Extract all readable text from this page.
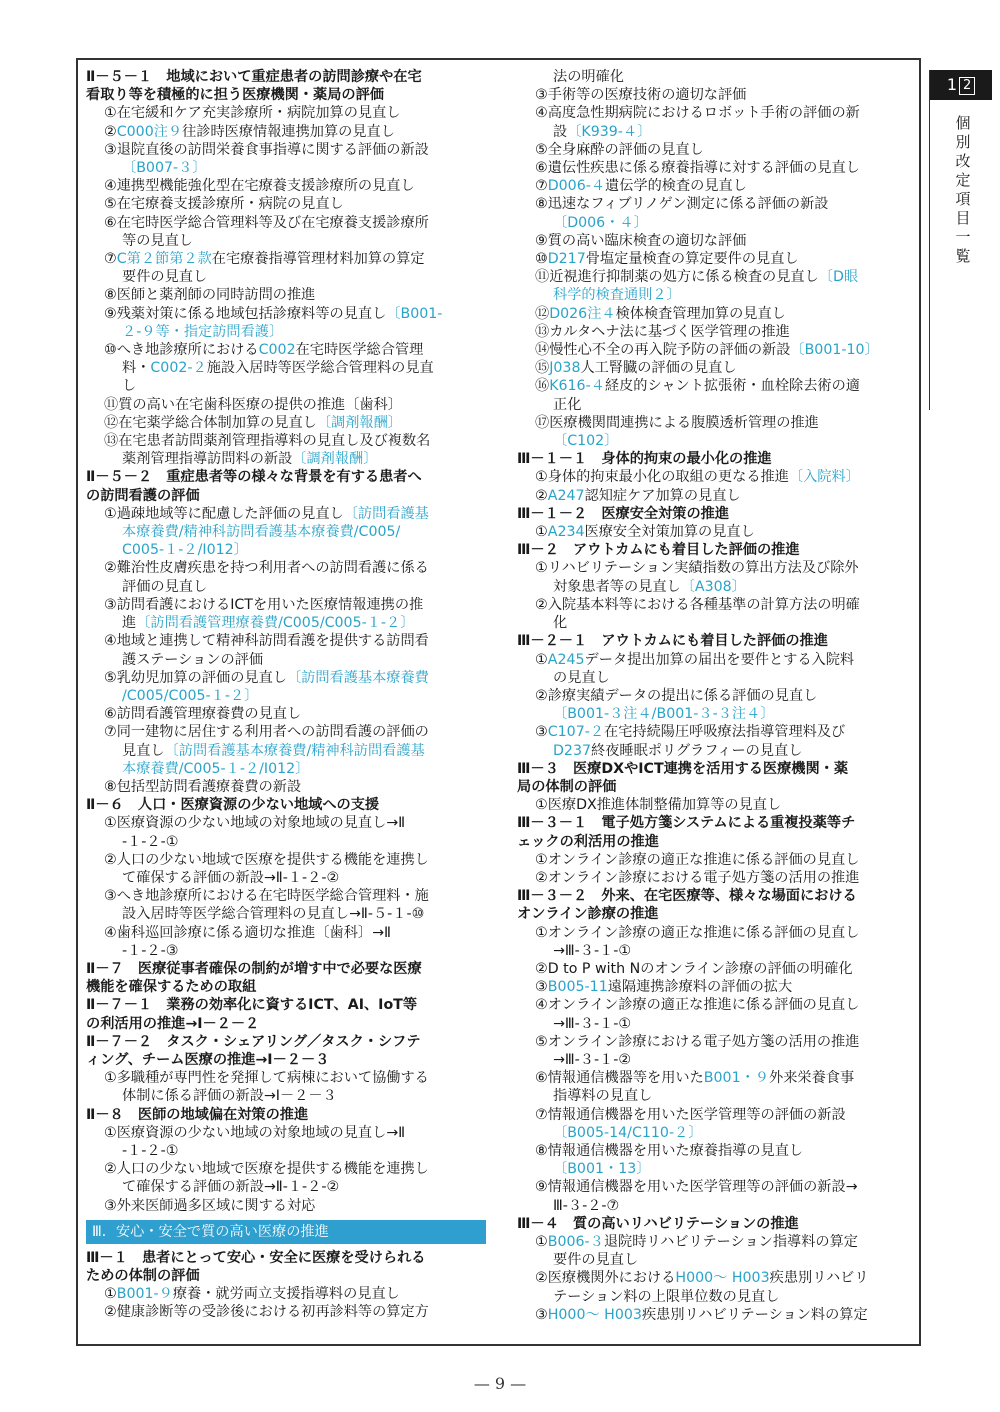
Ⅱ－５－１　地域において重症患者の訪問診療や在宅
看取り等を積極的に担う医療機関・薬局の評価
①在宅緩和ケア充実診療所・病院加算の見直し
②C000注９往診時医療情報連携加算の見直し
③退院直後の訪問栄養食事指導に関する評価の新設
〔B007-３〕
④連携型機能強化型在宅療養支援診療所の見直し
⑤在宅療養支援診療所・病院の見直し
⑥在宅時医学総合管理料等及び在宅療養支援診療所
等の見直し
⑦C第２節第２款在宅療養指導管理材料加算の算定
要件の見直し
⑧医師と薬剤師の同時訪問の推進
⑨残薬対策に係る地域包括診療料等の見直し〔B001-
２-９等・指定訪問看護〕
⑩へき地診療所におけるC002在宅時医学総合管理
料・C002-２施設入居時等医学総合管理料の見直
し
⑪質の高い在宅歯科医療の提供の推進〔歯科〕
⑫在宅薬学総合体制加算の見直し〔調剤報酬〕
⑬在宅患者訪問薬剤管理指導料の見直し及び複数名
薬剤管理指導訪問料の新設〔調剤報酬〕
Ⅱ－５－２　重症患者等の様々な背景を有する患者へ
の訪問看護の評価
①過疎地域等に配慮した評価の見直し〔訪問看護基
本療養費/精神科訪問看護基本療養費/C005/
C005-１-２/I012〕
②難治性皮膚疾患を持つ利用者への訪問看護に係る
評価の見直し
③訪問看護におけるICTを用いた医療情報連携の推
進〔訪問看護管理療養費/C005/C005-１-２〕
④地域と連携して精神科訪問看護を提供する訪問看
護ステーションの評価
⑤乳幼児加算の評価の見直し〔訪問看護基本療養費
/C005/C005-１-２〕
⑥訪問看護管理療養費の見直し
⑦同一建物に居住する利用者への訪問看護の評価の
見直し〔訪問看護基本療養費/精神科訪問看護基
本療養費/C005-１-２/I012〕
⑧包括型訪問看護療養費の新設
Ⅱ－６　人口・医療資源の少ない地域への支援
①医療資源の少ない地域の対象地域の見直し→Ⅱ
-１-２-①
②人口の少ない地域で医療を提供する機能を連携し
て確保する評価の新設→Ⅱ-１-２-②
③へき地診療所における在宅時医学総合管理料・施
設入居時等医学総合管理料の見直し→Ⅱ-５-１-⑩
④歯科巡回診療に係る適切な推進〔歯科〕→Ⅱ
-１-２-③
Ⅱ－７　医療従事者確保の制約が増す中で必要な医療
機能を確保するための取組
Ⅱ－７－１　業務の効率化に資するICT、AI、IoT等
の利活用の推進→Ⅰ－２－２
Ⅱ－７－２　タスク・シェアリング／タスク・シフテ
ィング、チーム医療の推進→Ⅰ－２－３
①多職種が専門性を発揮して病棟において協働する
体制に係る評価の新設→Ⅰ－２－３
Ⅱ－８　医師の地域偏在対策の推進
①医療資源の少ない地域の対象地域の見直し→Ⅱ
-１-２-①
②人口の少ない地域で医療を提供する機能を連携し
て確保する評価の新設→Ⅱ-１-２-②
③外来医師過多区域に関する対応
Ⅲ．安心・安全で質の高い医療の推進
Ⅲ－１　患者にとって安心・安全に医療を受けられる
ための体制の評価
①B001-９療養・就労両立支援指導料の見直し
②健康診断等の受診後における初再診料等の算定方
法の明確化
③手術等の医療技術の適切な評価
④高度急性期病院におけるロボット手術の評価の新
設〔K939-４〕
⑤全身麻酔の評価の見直し
⑥遺伝性疾患に係る療養指導に対する評価の見直し
⑦D006-４遺伝学的検査の見直し
⑧迅速なフィブリノゲン測定に係る評価の新設
〔D006・４〕
⑨質の高い臨床検査の適切な評価
⑩D217骨塩定量検査の算定要件の見直し
⑪近視進行抑制薬の処方に係る検査の見直し〔D眼
科学的検査通則２〕
⑫D026注４検体検査管理加算の見直し
⑬カルタヘナ法に基づく医学管理の推進
⑭慢性心不全の再入院予防の評価の新設〔B001-10〕
⑮J038人工腎臓の評価の見直し
⑯K616-４経皮的シャント拡張術・血栓除去術の適
正化
⑰医療機関間連携による腹膜透析管理の推進
〔C102〕
Ⅲ－１－１　身体的拘束の最小化の推進
①身体的拘束最小化の取組の更なる推進〔入院料〕
②A247認知症ケア加算の見直し
Ⅲ－１－２　医療安全対策の推進
①A234医療安全対策加算の見直し
Ⅲ－２　アウトカムにも着目した評価の推進
①リハビリテーション実績指数の算出方法及び除外
対象患者等の見直し〔A308〕
②入院基本料等における各種基準の計算方法の明確
化
Ⅲ－２－１　アウトカムにも着目した評価の推進
①A245データ提出加算の届出を要件とする入院料
の見直し
②診療実績データの提出に係る評価の見直し
〔B001-３注４/B001-３-３注４〕
③C107-２在宅持続陽圧呼吸療法指導管理料及び
D237終夜睡眠ポリグラフィーの見直し
Ⅲ－３　医療DXやICT連携を活用する医療機関・薬
局の体制の評価
①医療DX推進体制整備加算等の見直し
Ⅲ－３－１　電子処方箋システムによる重複投薬等チ
ェックの利活用の推進
①オンライン診療の適正な推進に係る評価の見直し
②オンライン診療における電子処方箋の活用の推進
Ⅲ－３－２　外来、在宅医療等、様々な場面における
オンライン診療の推進
①オンライン診療の適正な推進に係る評価の見直し
→Ⅲ-３-１-①
②D to P with Nのオンライン診療の評価の明確化
③B005-11遠隔連携診療料の評価の拡大
④オンライン診療の適正な推進に係る評価の見直し
→Ⅲ-３-１-①
⑤オンライン診療における電子処方箋の活用の推進
→Ⅲ-３-１-②
⑥情報通信機器等を用いたB001・９外来栄養食事
指導料の見直し
⑦情報通信機器を用いた医学管理等の評価の新設
〔B005-14/C110-２〕
⑧情報通信機器を用いた療養指導の見直し
〔B001・13〕
⑨情報通信機器を用いた医学管理等の評価の新設→
Ⅲ-３-２-⑦
Ⅲ－４　質の高いリハビリテーションの推進
①B006-３退院時リハビリテーション指導料の算定
要件の見直し
②医療機関外におけるH000～ H003疾患別リハビリ
テーション料の上限単位数の見直し
③H000～ H003疾患別リハビリテーション料の算定
1 2
個
別
改
定
項
目
一
覧
— 9 —
